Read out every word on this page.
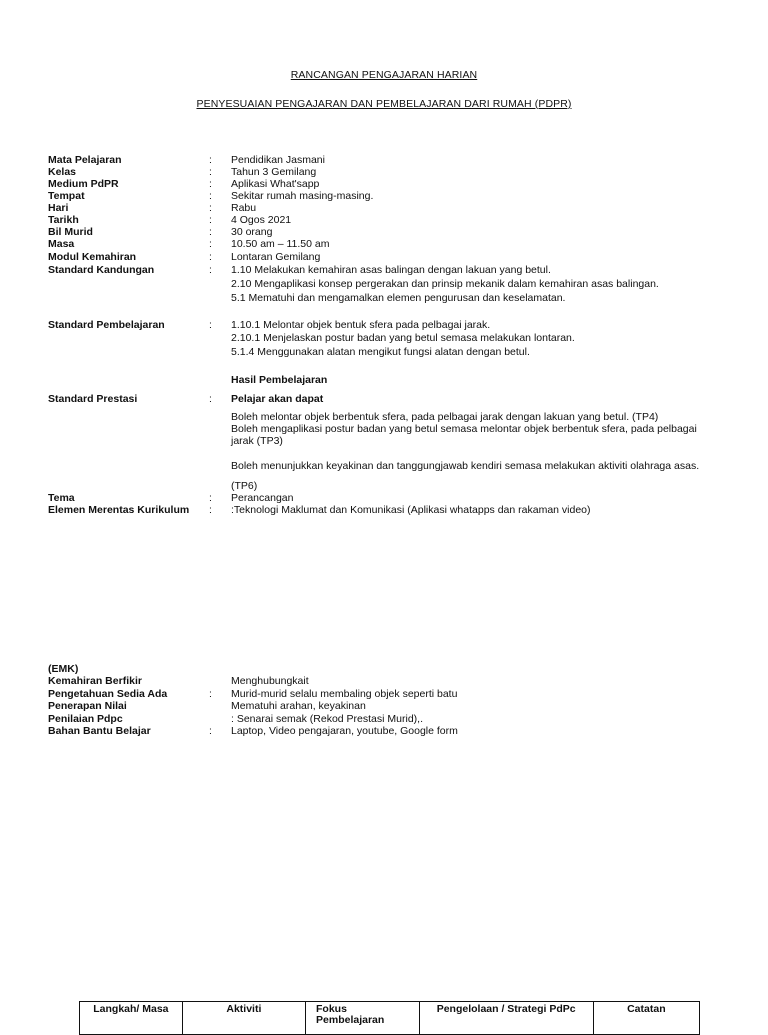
RANCANGAN PENGAJARAN HARIAN
PENYESUAIAN PENGAJARAN DAN PEMBELAJARAN DARI RUMAH (PDPR)
Mata Pelajaran	: Pendidikan Jasmani
Kelas	: Tahun 3 Gemilang
Medium PdPR	: Aplikasi What'sapp
Tempat	: Sekitar rumah masing-masing.
Hari	: Rabu
Tarikh	: 4 Ogos 2021
Bil Murid	: 30 orang
Masa	: 10.50 am – 11.50 am
Modul Kemahiran	: Lontaran Gemilang
Standard Kandungan	: 1.10 Melakukan kemahiran asas balingan dengan lakuan yang betul.
2.10 Mengaplikasi konsep pergerakan dan prinsip mekanik dalam kemahiran asas balingan.
5.1 Mematuhi dan mengamalkan elemen pengurusan dan keselamatan.
Standard Pembelajaran	: 1.10.1 Melontar objek bentuk sfera pada pelbagai jarak.
2.10.1 Menjelaskan postur badan yang betul semasa melakukan lontaran.
5.1.4 Menggunakan alatan mengikut fungsi alatan dengan betul.
Hasil Pembelajaran
Standard Prestasi	: Pelajar akan dapat
Boleh melontar objek berbentuk sfera, pada pelbagai jarak dengan lakuan yang betul. (TP4)
Boleh mengaplikasi postur badan yang betul semasa melontar objek berbentuk sfera, pada pelbagai jarak (TP3)
Boleh menunjukkan keyakinan dan tanggungjawab kendiri semasa melakukan aktiviti olahraga asas.
(TP6)
Tema	: Perancangan
Elemen Merentas Kurikulum : :Teknologi Maklumat dan Komunikasi (Aplikasi whatapps dan rakaman video)
(EMK)
Kemahiran Berfikir	Menghubungkait
Pengetahuan Sedia Ada	: Murid-murid selalu membaling objek seperti batu
Penerapan Nilai	Mematuhi arahan, keyakinan
Penilaian Pdpc	: Senarai semak (Rekod Prestasi Murid),.
Bahan Bantu Belajar	: Laptop, Video pengajaran, youtube, Google form
Langkah/ Masa	Aktiviti	Fokus Pembelajaran	Pengelolaan / Strategi PdPc	Catatan
